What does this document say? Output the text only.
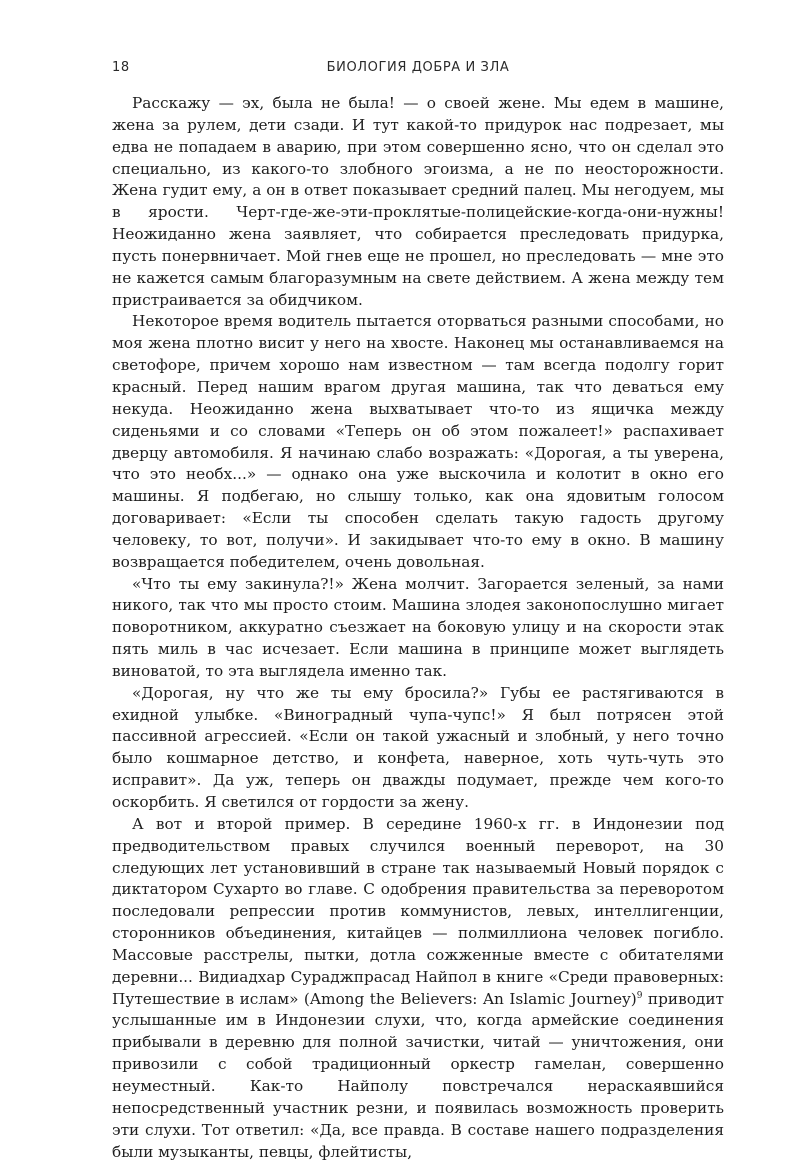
18	БИОЛОГИЯ ДОБРА И ЗЛА

Расскажу — эх, была не была! — о своей жене. Мы едем в машине, жена за рулем, дети сзади. И тут какой-то придурок нас подрезает, мы едва не попадаем в аварию, при этом совершенно ясно, что он сделал это специально, из какого-то злобного эгоизма, а не по неосторожности. Жена гудит ему, а он в ответ показывает средний палец. Мы негодуем, мы в ярости. Черт-где-же-эти-проклятые-полицейские-когда-они-нужны! Неожиданно жена заявляет, что собирается преследовать придурка, пусть понервничает. Мой гнев еще не прошел, но преследовать — мне это не кажется самым благоразумным на свете действием. А жена между тем пристраивается за обидчиком.

Некоторое время водитель пытается оторваться разными способами, но моя жена плотно висит у него на хвосте. Наконец мы останавливаемся на светофоре, причем хорошо нам известном — там всегда подолгу горит красный. Перед нашим врагом другая машина, так что деваться ему некуда. Неожиданно жена выхватывает что-то из ящичка между сиденьями и со словами «Теперь он об этом пожалеет!» распахивает дверцу автомобиля. Я начинаю слабо возражать: «Дорогая, а ты уверена, что это необх...» — однако она уже выскочила и колотит в окно его машины. Я подбегаю, но слышу только, как она ядовитым голосом договаривает: «Если ты способен сделать такую гадость другому человеку, то вот, получи». И закидывает что-то ему в окно. В машину возвращается победителем, очень довольная.

«Что ты ему закинула?!» Жена молчит. Загорается зеленый, за нами никого, так что мы просто стоим. Машина злодея законопослушно мигает поворотником, аккуратно съезжает на боковую улицу и на скорости этак пять миль в час исчезает. Если машина в принципе может выглядеть виноватой, то эта выглядела именно так.

«Дорогая, ну что же ты ему бросила?» Губы ее растягиваются в ехидной улыбке. «Виноградный чупа-чупс!» Я был потрясен этой пассивной агрессией. «Если он такой ужасный и злобный, у него точно было кошмарное детство, и конфета, наверное, хоть чуть-чуть это исправит». Да уж, теперь он дважды подумает, прежде чем кого-то оскорбить. Я светился от гордости за жену.

А вот и второй пример. В середине 1960-х гг. в Индонезии под предводительством правых случился военный переворот, на 30 следующих лет установивший в стране так называемый Новый порядок с диктатором Сухарто во главе. С одобрения правительства за переворотом последовали репрессии против коммунистов, левых, интеллигенции, сторонников объединения, китайцев — полмиллиона человек погибло. Массовые расстрелы, пытки, дотла сожженные вместе с обитателями деревни... Видиадхар Сураджпрасад Найпол в книге «Среди правоверных: Путешествие в ислам» (Among the Believers: An Islamic Journey)$^9$ приводит услышанные им в Индонезии слухи, что, когда армейские соединения прибывали в деревню для полной зачистки, читай — уничтожения, они привозили с собой традиционный оркестр гамелан, совершенно неуместный. Как-то Найполу повстречался нераскаявшийся непосредственный участник резни, и появилась возможность проверить эти слухи. Тот ответил: «Да, все правда. В составе нашего подразделения были музыканты, певцы, флейтисты,
